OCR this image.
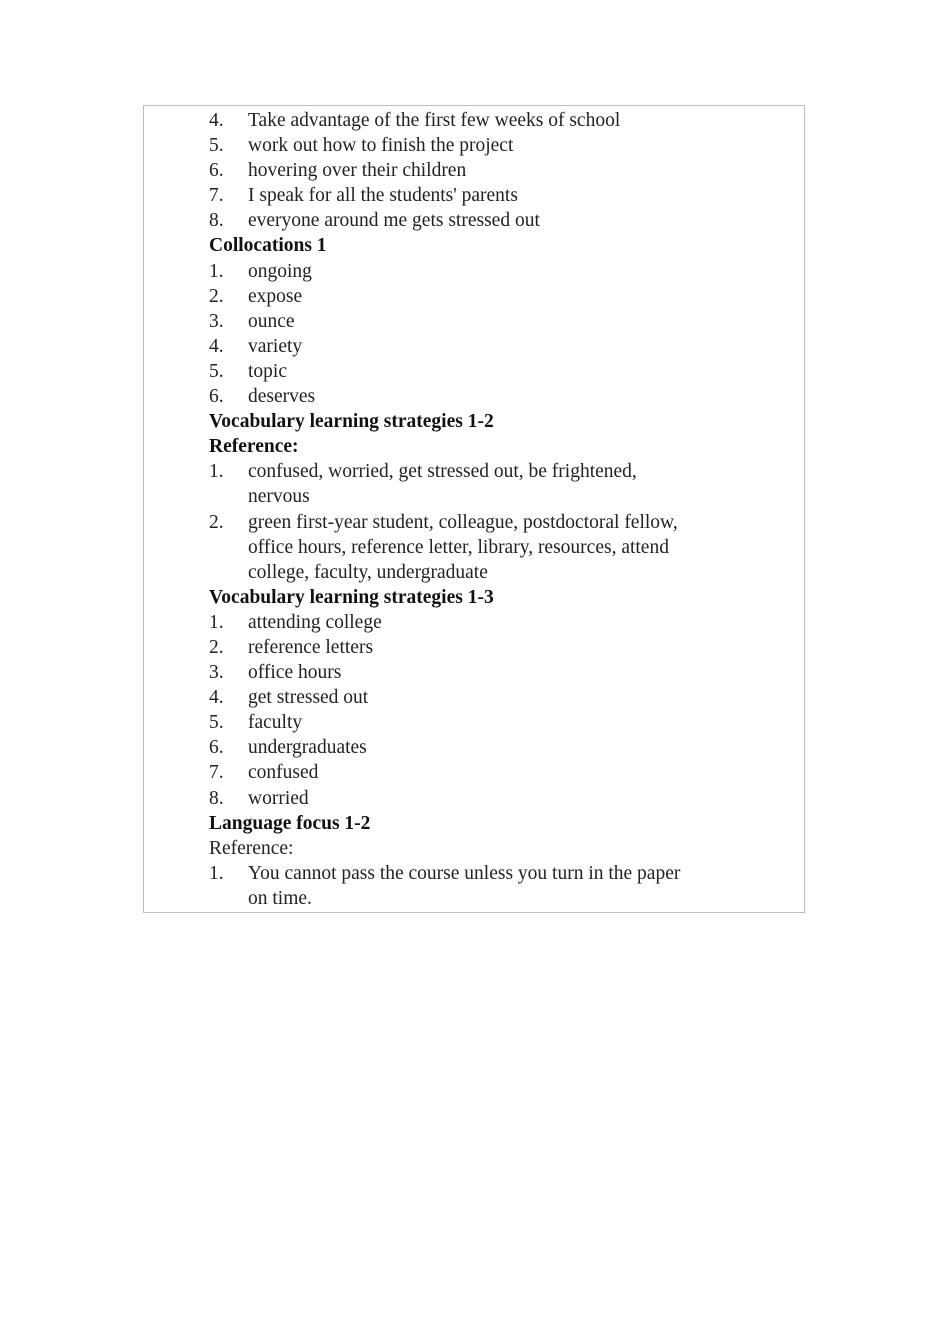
4.	Take advantage of the first few weeks of school
5.	work out how to finish the project
6.	hovering over their children
7.	I speak for all the students' parents
8.	everyone around me gets stressed out
Collocations 1
1.	ongoing
2.	expose
3.	ounce
4.	variety
5.	topic
6.	deserves
Vocabulary learning strategies 1-2
Reference:
1.	confused, worried, get stressed out, be frightened,
nervous
2.	green first-year student, colleague, postdoctoral fellow,
office hours, reference letter, library, resources, attend
college, faculty, undergraduate
Vocabulary learning strategies 1-3
1.	attending college
2.	reference letters
3.	office hours
4.	get stressed out
5.	faculty
6.	undergraduates
7.	confused
8.	worried
Language focus 1-2
Reference:
1.	You cannot pass the course unless you turn in the paper
on time.
